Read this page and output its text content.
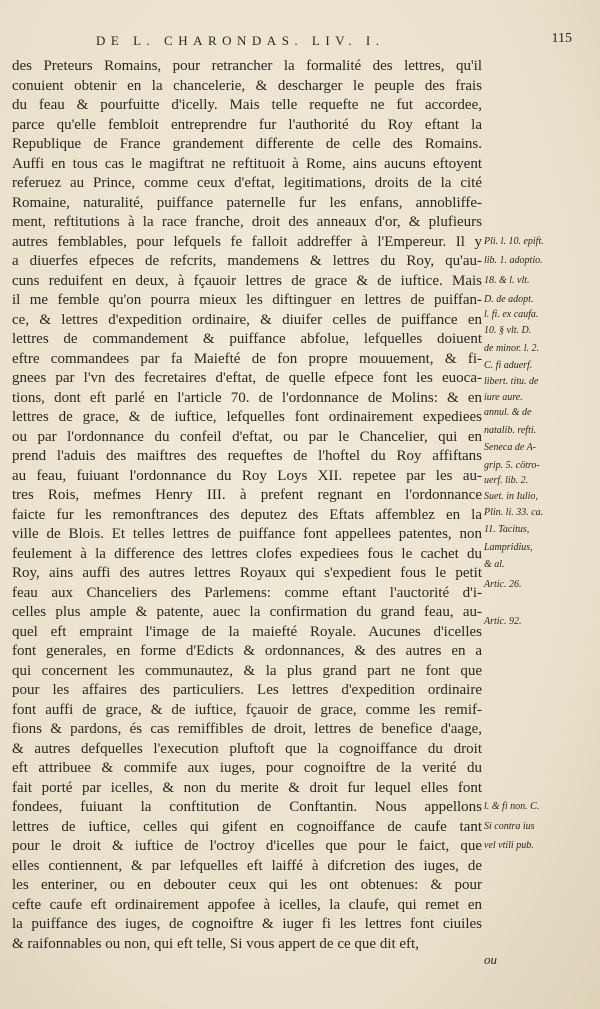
DE L. CHARONDAS. LIV. I.	115
des Preteurs Romains, pour retrancher la formalité des lettres, qu'il
conuient obtenir en la chancelerie, & descharger le peuple des frais
du feau & pourfuitte d'icelly. Mais telle requefte ne fut accordee,
parce qu'elle fembloit entreprendre fur l'authorité du Roy eftant la
Republique de France grandement differente de celle des Romains.
Auffi en tous cas le magiftrat ne reftituoit à Rome, ains aucuns eftoyent
referuez au Prince, comme ceux d'eftat, legitimations, droits de la cité
Romaine, naturalité, puiffance paternelle fur les enfans, annobliffe-
ment, reftitutions à la race franche, droit des anneaux d'or, & plufieurs
autres femblables, pour lefquels fe falloit addreffer à l'Empereur. Il y
a diuerfes efpeces de refcrits, mandemens & lettres du Roy, qu'au-
cuns reduifent en deux, à fçauoir lettres de grace & de iuftice. Mais
il me femble qu'on pourra mieux les diftinguer en lettres de puiffan-
ce, & lettres d'expedition ordinaire, & diuifer celles de puiffance en
lettres de commandement & puiffance abfolue, lefquelles doiuent
eftre commandees par fa Maiefté de fon propre mouuement, & fi-
gnees par l'vn des fecretaires d'eftat, de quelle efpece font les euoca-
tions, dont eft parlé en l'article 70. de l'ordonnance de Molins: & en
lettres de grace, & de iuftice, lefquelles font ordinairement expediees
ou par l'ordonnance du confeil d'eftat, ou par le Chancelier, qui en
prend l'aduis des maiftres des requeftes de l'hoftel du Roy affiftans
au feau, fuiuant l'ordonnance du Roy Loys XII. repetee par les au-
tres Rois, mefmes Henry III. à prefent regnant en l'ordonnance
faicte fur les remonftrances des deputez des Eftats affemblez en la
ville de Blois. Et telles lettres de puiffance font appellees patentes, non
feulement à la difference des lettres clofes expediees fous le cachet du
Roy, ains auffi des autres lettres Royaux qui s'expedient fous le petit
feau aux Chanceliers des Parlemens: comme eftant l'auctorité d'i-
celles plus ample & patente, auec la confirmation du grand feau, au-
quel eft empraint l'image de la maiefté Royale. Aucunes d'icelles
font generales, en forme d'Edicts & ordonnances, & des autres en a
qui concernent les communautez, & la plus grand part ne font que
pour les affaires des particuliers. Les lettres d'expedition ordinaire
font auffi de grace, & de iuftice, fçauoir de grace, comme les remif-
fions & pardons, és cas remiffibles de droit, lettres de benefice d'aage,
& autres defquelles l'execution pluftoft que la cognoiffance du droit
eft attribuee & commife aux iuges, pour cognoiftre de la verité du
fait porté par icelles, & non du merite & droit fur lequel elles font
fondees, fuiuant la conftitution de Conftantin. Nous appellons
lettres de iuftice, celles qui gifent en cognoiffance de caufe tant
pour le droit & iuftice de l'octroy d'icelles que pour le faict, que
elles contiennent, & par lefquelles eft laiffé à difcretion des iuges, de
les enteriner, ou en debouter ceux qui les ont obtenues: & pour
cefte caufe eft ordinairement appofee à icelles, la claufe, qui remet en
la puiffance des iuges, de cognoiftre & iuger fi les lettres font ciuiles
& raifonnables ou non, qui eft telle, Si vous appert de ce que dit eft,
Pli. l. 10. epift.
lib. 1. adoptio.
18. & l. vlt.
D. de adopt.
l. fi. ex caufa.
10. § vlt. D.
de minor. l. 2.
C. fi aduerf.
libert. titu. de
iure aure.
annul. & de
natalib. refti.
Seneca de A-
grip. 5. cötro-
uerf. lib. 2.
Suet. in Iulio,
Plin. li. 33. ca.
11. Tacitus,
Lampridius,
& al.
Artic. 26.
Artic. 92.
l. & fi non. C.
Si contra ius
vel vtili pub.
ou
